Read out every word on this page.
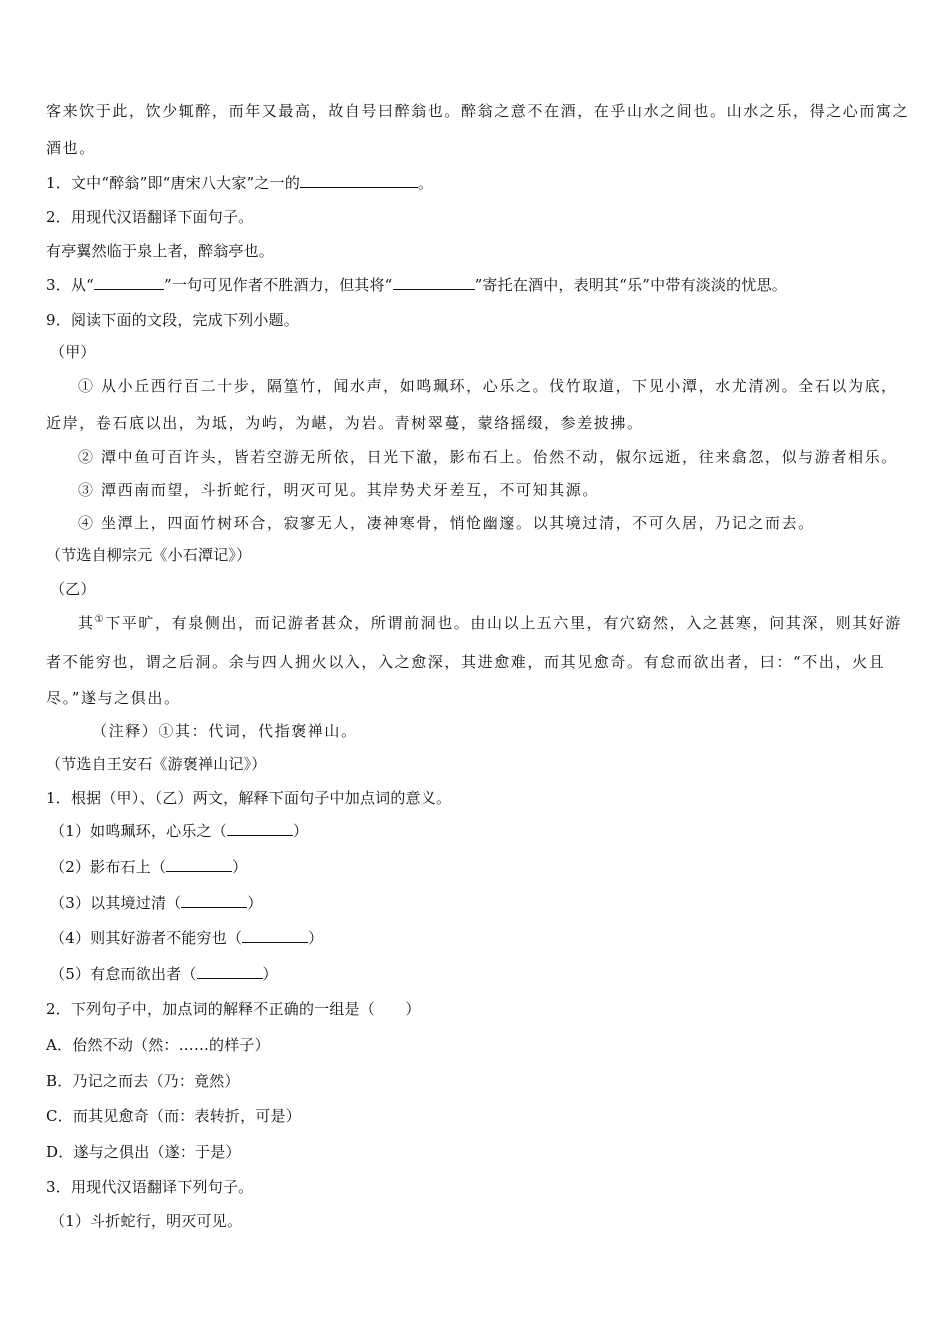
客来饮于此，饮少辄醉，而年又最高，故自号曰醉翁也。醉翁之意不在酒，在乎山水之间也。山水之乐，得之心而寓之
酒也。
1．文中“醉翁”即“唐宋八大家”之一的	。
2．用现代汉语翻译下面句子。
有亭翼然临于泉上者，醉翁亭也。
3．从“	”一句可见作者不胜酒力，但其将“	”寄托在酒中，表明其“乐”中带有淡淡的忧思。
9．阅读下面的文段，完成下列小题。
（甲）
① 从小丘西行百二十步，隔篁竹，闻水声，如鸣珮环，心乐之。伐竹取道，下见小潭，水尤清冽。全石以为底，
近岸，卷石底以出，为坻，为屿，为嵁，为岩。青树翠蔓，蒙络摇缀，参差披拂。
② 潭中鱼可百许头，皆若空游无所依，日光下澈，影布石上。佁然不动，俶尔远逝，往来翕忽，似与游者相乐。
③ 潭西南而望，斗折蛇行，明灭可见。其岸势犬牙差互，不可知其源。
④ 坐潭上，四面竹树环合，寂寥无人，凄神寒骨，悄怆幽邃。以其境过清，不可久居，乃记之而去。
（节选自柳宗元《小石潭记》）
（乙）
其①下平旷，有泉侧出，而记游者甚众，所谓前洞也。由山以上五六里，有穴窈然，入之甚寒，问其深，则其好游
者不能穷也，谓之后洞。余与四人拥火以入，入之愈深，其进愈难，而其见愈奇。有怠而欲出者，曰：“不出，火且
尽。”遂与之俱出。
（注释）①其：代词，代指褒禅山。
（节选自王安石《游褒禅山记》）
1．根据（甲）、（乙）两文，解释下面句子中加点词的意义。
（1）如鸣珮环，心乐之（	）
（2）影布石上（	）
（3）以其境过清（	）
（4）则其好游者不能穷也（	）
（5）有怠而欲出者（	）
2．下列句子中，加点词的解释不正确的一组是（　　）
A．佁然不动（然：……的样子）
B．乃记之而去（乃：竟然）
C．而其见愈奇（而：表转折，可是）
D．遂与之俱出（遂：于是）
3．用现代汉语翻译下列句子。
（1）斗折蛇行，明灭可见。
